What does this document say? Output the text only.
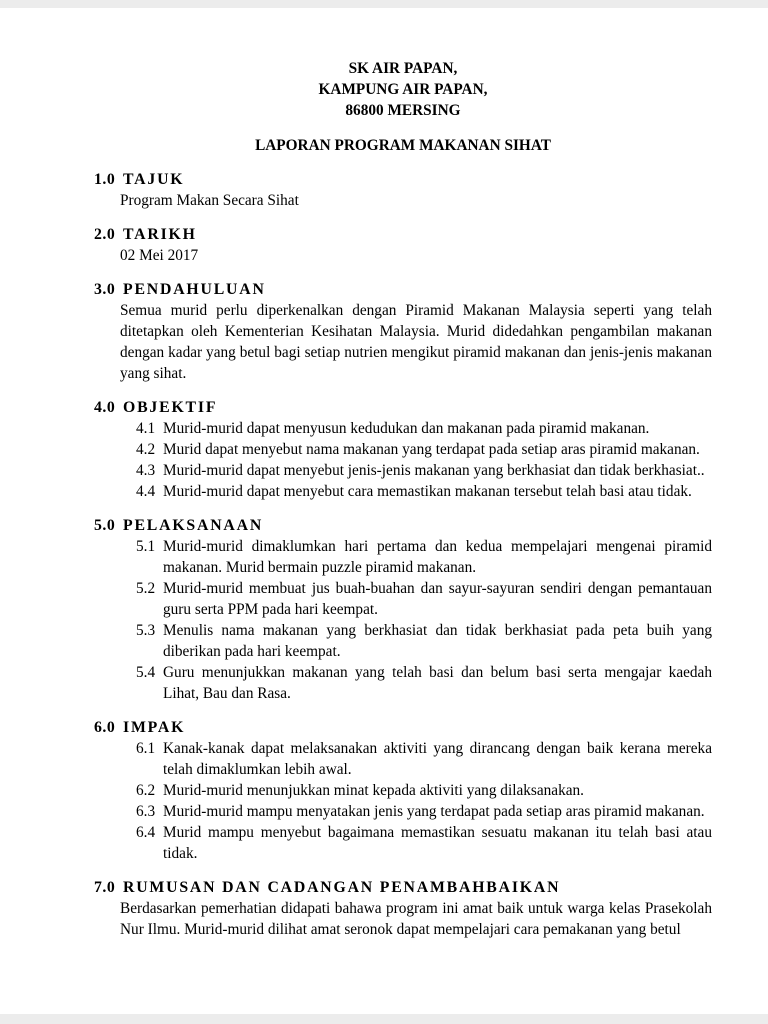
SK AIR PAPAN,
KAMPUNG AIR PAPAN,
86800 MERSING
LAPORAN PROGRAM MAKANAN SIHAT
1.0 TAJUK
Program Makan Secara Sihat
2.0 TARIKH
02 Mei 2017
3.0 PENDAHULUAN
Semua murid perlu diperkenalkan dengan Piramid Makanan Malaysia seperti yang telah ditetapkan oleh Kementerian Kesihatan Malaysia. Murid didedahkan pengambilan makanan dengan kadar yang betul bagi setiap nutrien mengikut piramid makanan dan jenis-jenis makanan yang sihat.
4.0 OBJEKTIF
4.1 Murid-murid dapat menyusun kedudukan dan makanan pada piramid makanan.
4.2 Murid dapat menyebut nama makanan yang terdapat pada setiap aras piramid makanan.
4.3 Murid-murid dapat menyebut jenis-jenis makanan yang berkhasiat dan tidak berkhasiat..
4.4 Murid-murid dapat menyebut cara memastikan makanan tersebut telah basi atau tidak.
5.0 PELAKSANAAN
5.1 Murid-murid dimaklumkan hari pertama dan kedua mempelajari mengenai piramid makanan. Murid bermain puzzle piramid makanan.
5.2 Murid-murid membuat jus buah-buahan dan sayur-sayuran sendiri dengan pemantauan guru serta PPM pada hari keempat.
5.3 Menulis nama makanan yang berkhasiat dan tidak berkhasiat pada peta buih yang diberikan pada hari keempat.
5.4 Guru menunjukkan makanan yang telah basi dan belum basi serta mengajar kaedah Lihat, Bau dan Rasa.
6.0 IMPAK
6.1 Kanak-kanak dapat melaksanakan aktiviti yang dirancang dengan baik kerana mereka telah dimaklumkan lebih awal.
6.2 Murid-murid menunjukkan minat kepada aktiviti yang dilaksanakan.
6.3 Murid-murid mampu menyatakan jenis yang terdapat pada setiap aras piramid makanan.
6.4 Murid mampu menyebut bagaimana memastikan sesuatu makanan itu telah basi atau tidak.
7.0 RUMUSAN DAN CADANGAN PENAMBAHBAIKAN
Berdasarkan pemerhatian didapati bahawa program ini amat baik untuk warga kelas Prasekolah Nur Ilmu. Murid-murid dilihat amat seronok dapat mempelajari cara pemakanan yang betul
